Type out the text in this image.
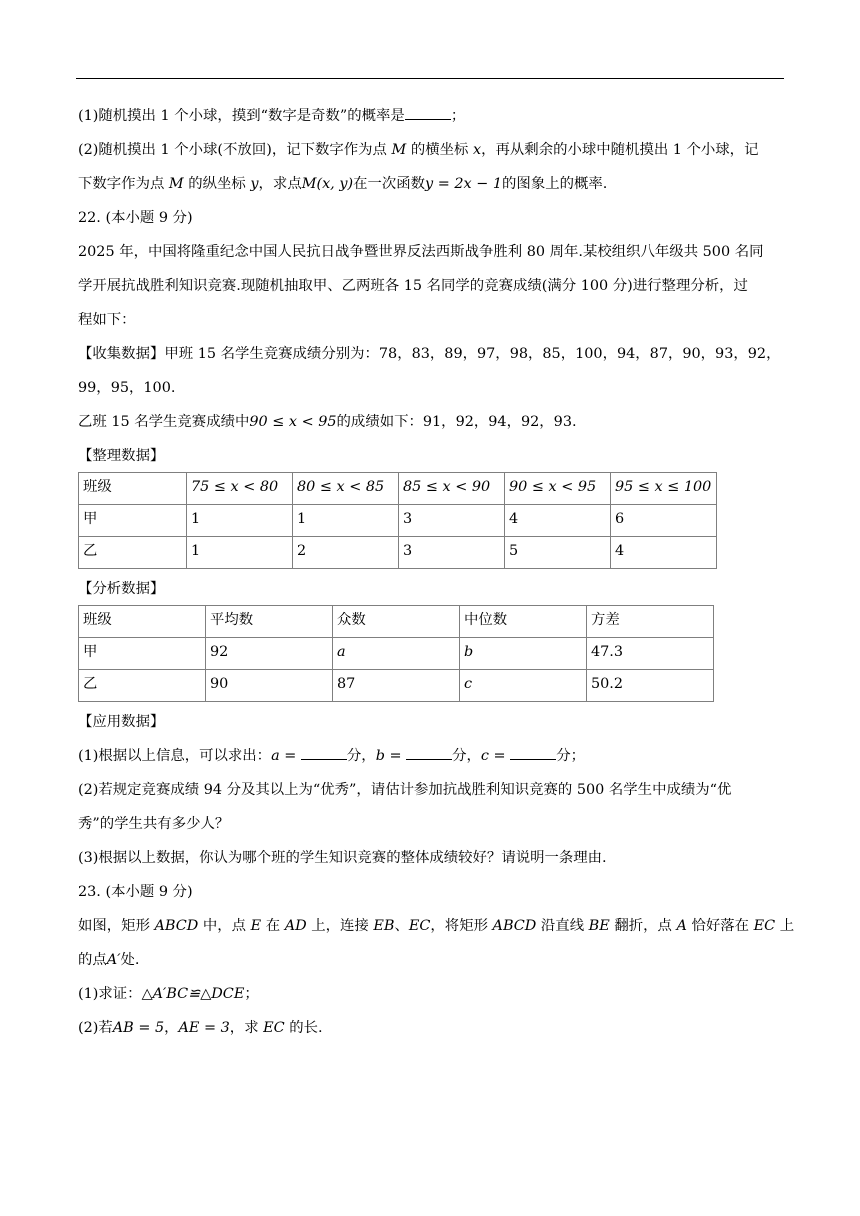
(1)随机摸出 1 个小球，摸到“数字是奇数”的概率是	；
(2)随机摸出 1 个小球(不放回)，记下数字作为点 M 的横坐标 x，再从剩余的小球中随机摸出 1 个小球，记
下数字作为点 M 的纵坐标 y，求点M(x, y)在一次函数y = 2x − 1的图象上的概率.
22. (本小题 9 分)
2025 年，中国将隆重纪念中国人民抗日战争暨世界反法西斯战争胜利 80 周年.某校组织八年级共 500 名同
学开展抗战胜利知识竞赛.现随机抽取甲、乙两班各 15 名同学的竞赛成绩(满分 100 分)进行整理分析，过
程如下：
【收集数据】甲班 15 名学生竞赛成绩分别为：78，83，89，97，98，85，100，94，87，90，93，92，
99，95，100.
乙班 15 名学生竞赛成绩中90 ≤ x < 95的成绩如下：91，92，94，92，93.
【整理数据】
班级	75 ≤ x < 80	80 ≤ x < 85	85 ≤ x < 90	90 ≤ x < 95	95 ≤ x ≤ 100
甲	1	1	3	4	6
乙	1	2	3	5	4
【分析数据】
班级	平均数	众数	中位数	方差
甲	92	a	b	47.3
乙	90	87	c	50.2
【应用数据】
(1)根据以上信息，可以求出：a =	分，b =	分，c =	分；
(2)若规定竞赛成绩 94 分及其以上为“优秀”，请估计参加抗战胜利知识竞赛的 500 名学生中成绩为“优
秀”的学生共有多少人？
(3)根据以上数据，你认为哪个班的学生知识竞赛的整体成绩较好？请说明一条理由.
23. (本小题 9 分)
如图，矩形 ABCD 中，点 E 在 AD 上，连接 EB、EC，将矩形 ABCD 沿直线 BE 翻折，点 A 恰好落在 EC 上
的点A′处.
(1)求证：△A′BC≌△DCE；
(2)若AB = 5，AE = 3，求 EC 的长.
